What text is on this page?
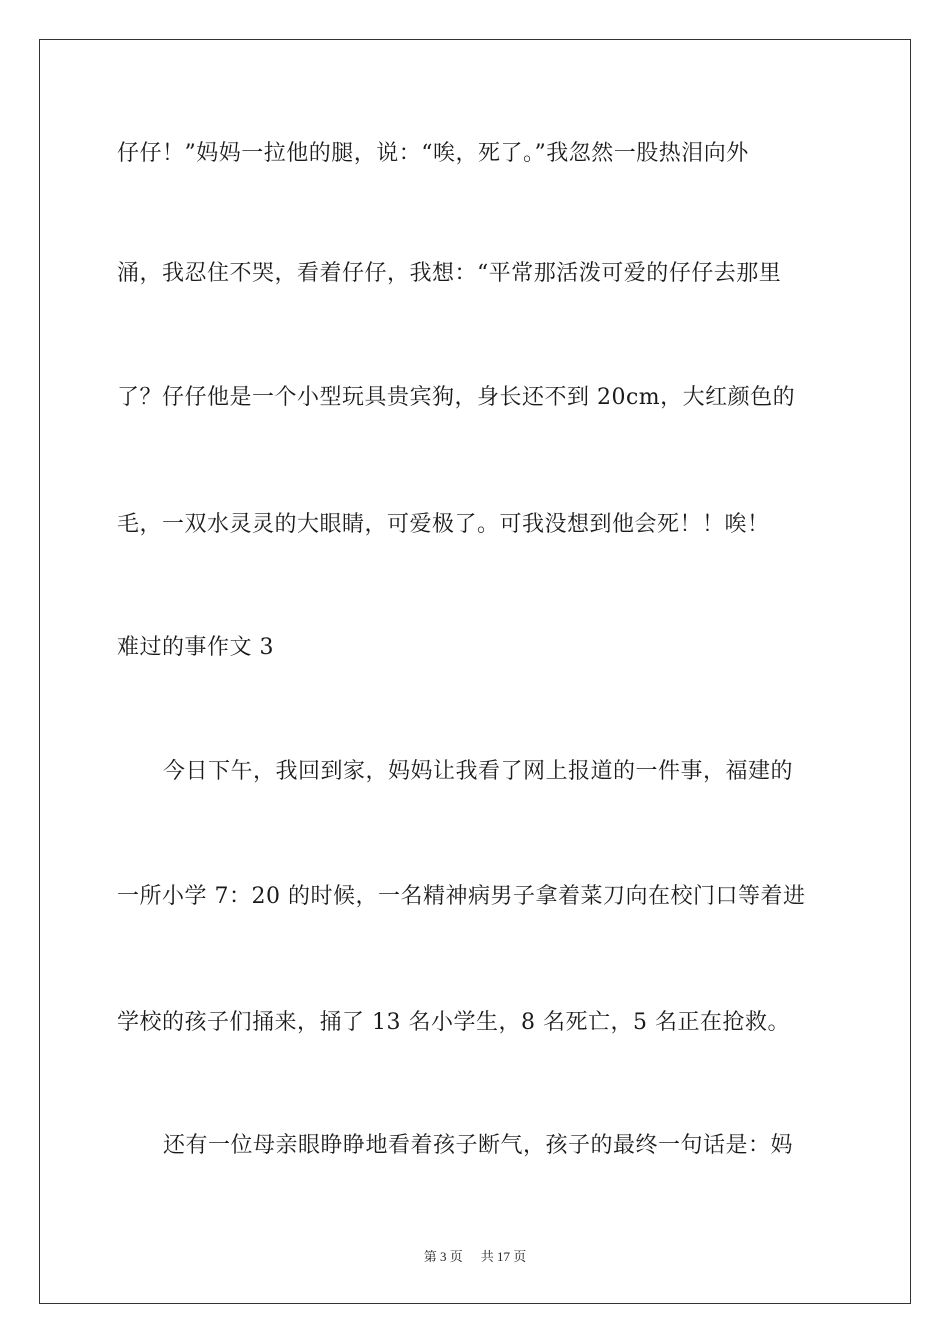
仔仔！”妈妈一拉他的腿，说：“唉，死了。”我忽然一股热泪向外
涌，我忍住不哭，看着仔仔，我想：“平常那活泼可爱的仔仔去那里
了？仔仔他是一个小型玩具贵宾狗，身长还不到 20cm，大红颜色的
毛，一双水灵灵的大眼睛，可爱极了。可我没想到他会死！！唉！
难过的事作文 3
今日下午，我回到家，妈妈让我看了网上报道的一件事，福建的
一所小学 7：20 的时候，一名精神病男子拿着菜刀向在校门口等着进
学校的孩子们捅来，捅了 13 名小学生，8 名死亡，5 名正在抢救。
还有一位母亲眼睁睁地看着孩子断气，孩子的最终一句话是：妈
第 3 页 共 17 页
